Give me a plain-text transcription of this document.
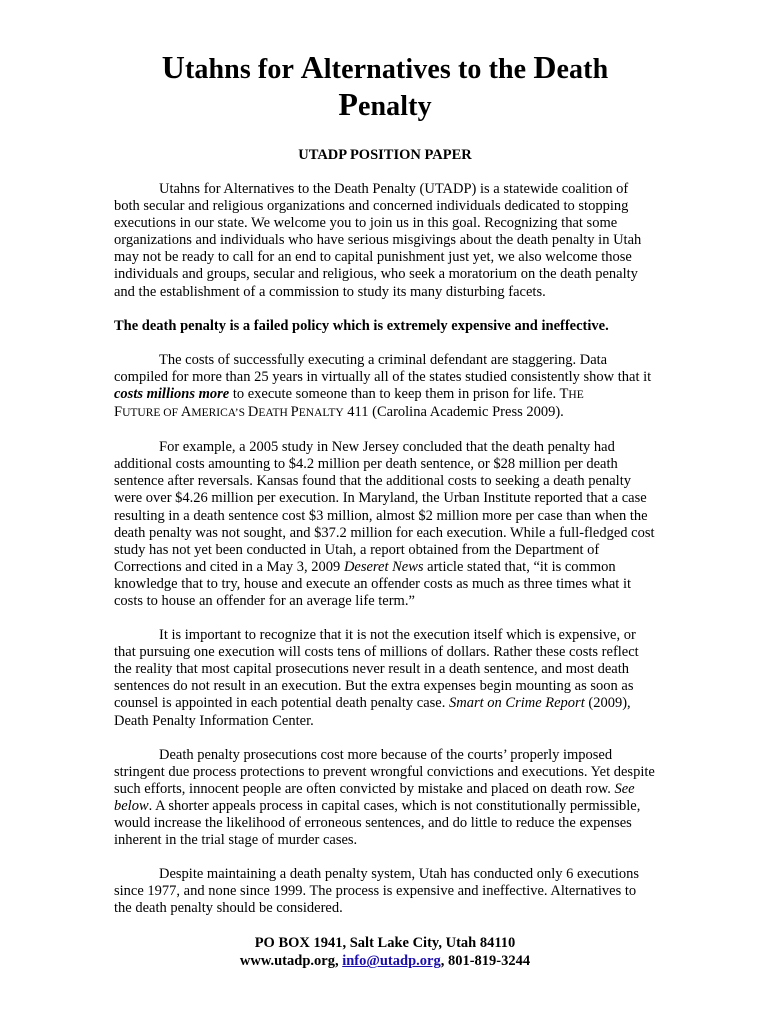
Utahns for Alternatives to the Death Penalty
UTADP POSITION PAPER

Utahns for Alternatives to the Death Penalty (UTADP) is a statewide coalition of both secular and religious organizations and concerned individuals dedicated to stopping executions in our state. We welcome you to join us in this goal. Recognizing that some organizations and individuals who have serious misgivings about the death penalty in Utah may not be ready to call for an end to capital punishment just yet, we also welcome those individuals and groups, secular and religious, who seek a moratorium on the death penalty and the establishment of a commission to study its many disturbing facets.

The death penalty is a failed policy which is extremely expensive and ineffective.

The costs of successfully executing a criminal defendant are staggering. Data compiled for more than 25 years in virtually all of the states studied consistently show that it costs millions more to execute someone than to keep them in prison for life. THE
FUTURE OF AMERICA’S DEATH PENALTY 411 (Carolina Academic Press 2009).

For example, a 2005 study in New Jersey concluded that the death penalty had additional costs amounting to $4.2 million per death sentence, or $28 million per death sentence after reversals. Kansas found that the additional costs to seeking a death penalty were over $4.26 million per execution. In Maryland, the Urban Institute reported that a case resulting in a death sentence cost $3 million, almost $2 million more per case than when the death penalty was not sought, and $37.2 million for each execution. While a full-fledged cost study has not yet been conducted in Utah, a report obtained from the Department of Corrections and cited in a May 3, 2009 Deseret News article stated that, “it is common knowledge that to try, house and execute an offender costs as much as three times what it costs to house an offender for an average life term.”

It is important to recognize that it is not the execution itself which is expensive, or that pursuing one execution will costs tens of millions of dollars. Rather these costs reflect the reality that most capital prosecutions never result in a death sentence, and most death sentences do not result in an execution. But the extra expenses begin mounting as soon as counsel is appointed in each potential death penalty case. Smart on Crime Report (2009), Death Penalty Information Center.

Death penalty prosecutions cost more because of the courts’ properly imposed stringent due process protections to prevent wrongful convictions and executions. Yet despite such efforts, innocent people are often convicted by mistake and placed on death row. See below. A shorter appeals process in capital cases, which is not constitutionally permissible, would increase the likelihood of erroneous sentences, and do little to reduce the expenses inherent in the trial stage of murder cases.

Despite maintaining a death penalty system, Utah has conducted only 6 executions since 1977, and none since 1999. The process is expensive and ineffective. Alternatives to the death penalty should be considered.

PO BOX 1941, Salt Lake City, Utah 84110
www.utadp.org, info@utadp.org, 801-819-3244
